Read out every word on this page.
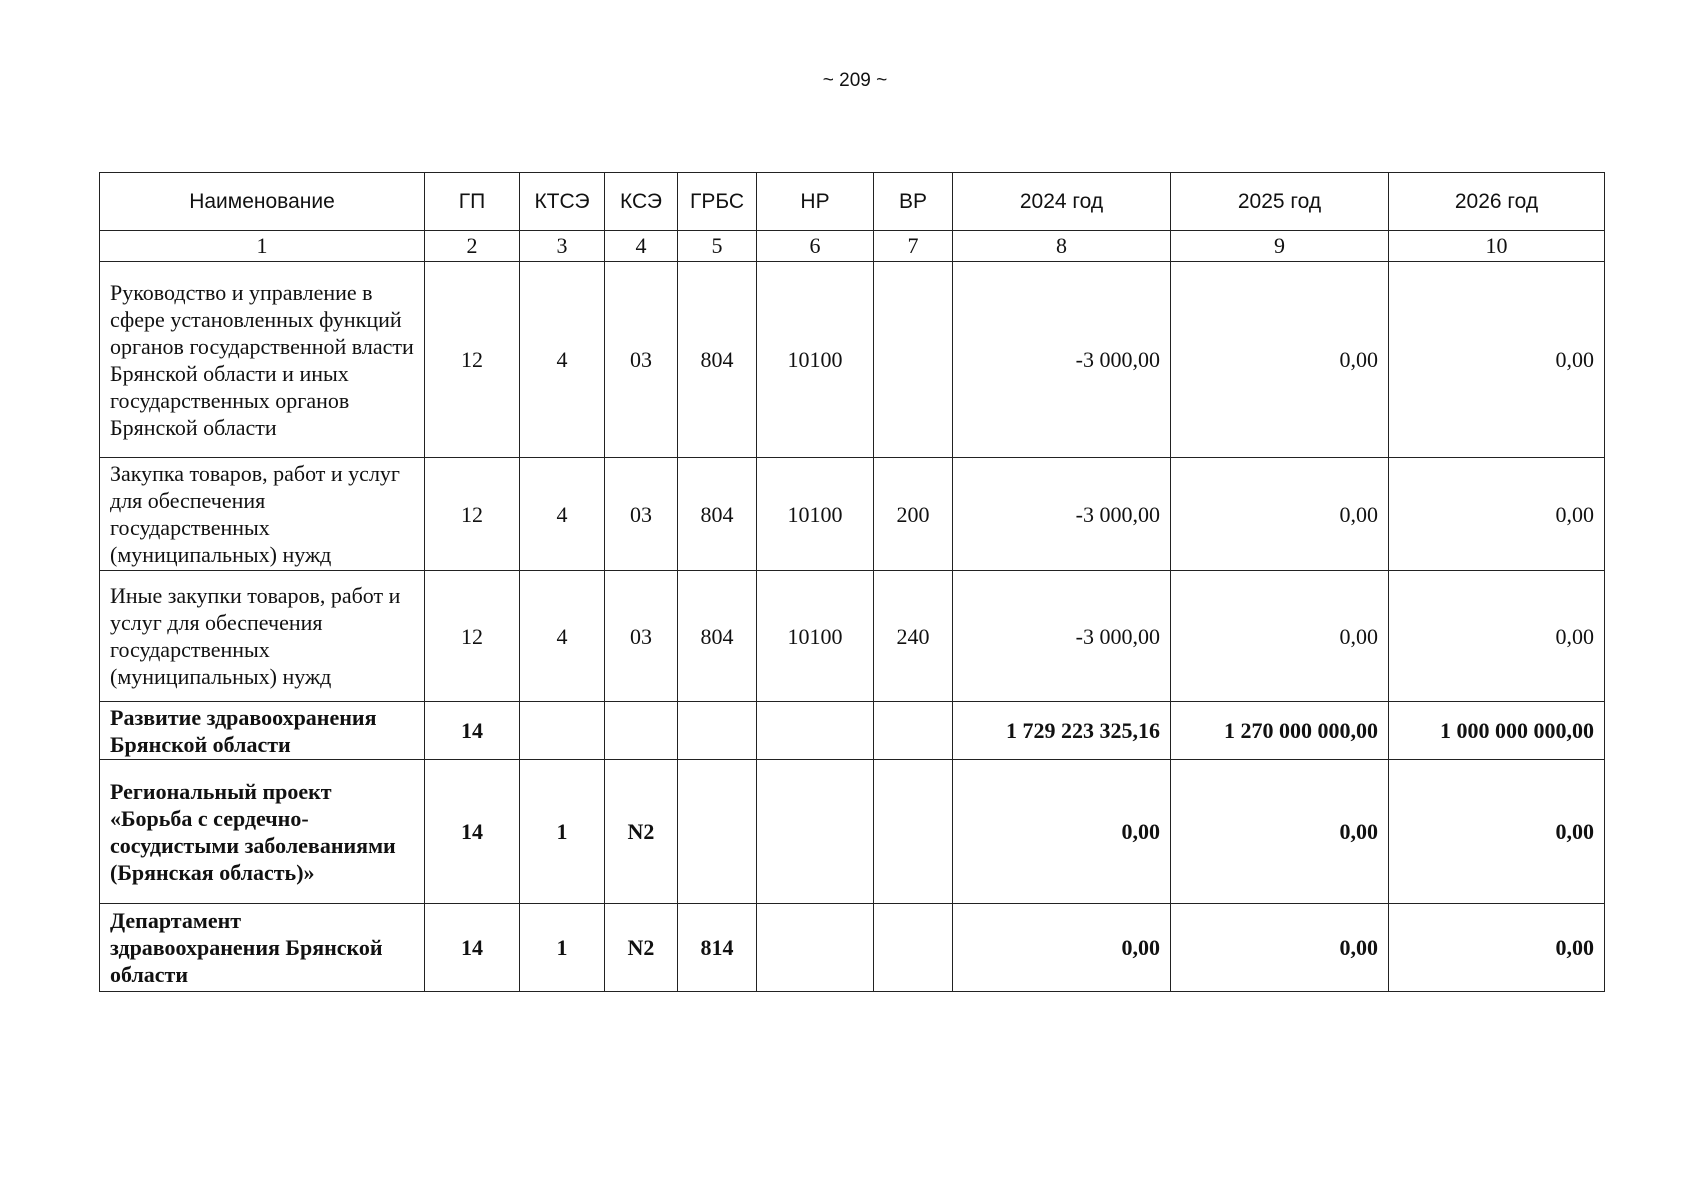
~ 209 ~
Наименование	ГП	КТСЭ	КСЭ	ГРБС	НР	ВР	2024 год	2025 год	2026 год
1	2	3	4	5	6	7	8	9	10
Руководство и управление в сфере установленных функций органов государственной власти Брянской области и иных государственных органов Брянской области	12	4	03	804	10100		-3 000,00	0,00	0,00
Закупка товаров, работ и услуг для обеспечения государственных (муниципальных) нужд	12	4	03	804	10100	200	-3 000,00	0,00	0,00
Иные закупки товаров, работ и услуг для обеспечения государственных (муниципальных) нужд	12	4	03	804	10100	240	-3 000,00	0,00	0,00
Развитие здравоохранения Брянской области	14						1 729 223 325,16	1 270 000 000,00	1 000 000 000,00
Региональный проект «Борьба с сердечно-сосудистыми заболеваниями (Брянская область)»	14	1	N2				0,00	0,00	0,00
Департамент здравоохранения Брянской области	14	1	N2	814			0,00	0,00	0,00
